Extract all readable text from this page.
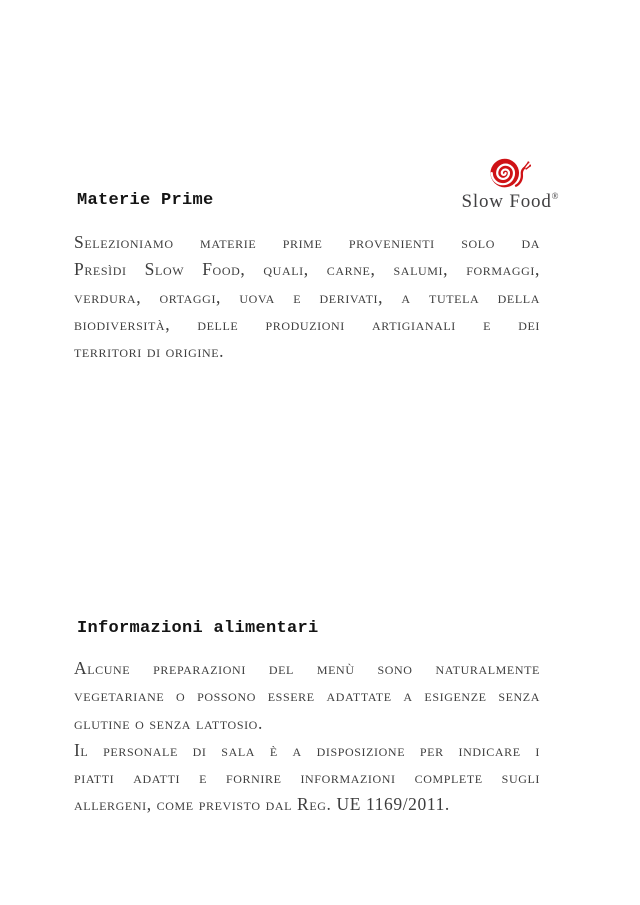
Materie Prime	Slow Food®
Selezioniamo materie prime provenienti solo da
Presìdi Slow Food, quali, carne, salumi, formaggi,
verdura, ortaggi, uova e derivati, a tutela della
biodiversità, delle produzioni artigianali e dei
territori di origine.
Informazioni alimentari
Alcune preparazioni del menù sono naturalmente
vegetariane o possono essere adattate a esigenze senza
glutine o senza lattosio.
Il personale di sala è a disposizione per indicare i
piatti adatti e fornire informazioni complete sugli
allergeni, come previsto dal Reg. UE 1169/2011.
